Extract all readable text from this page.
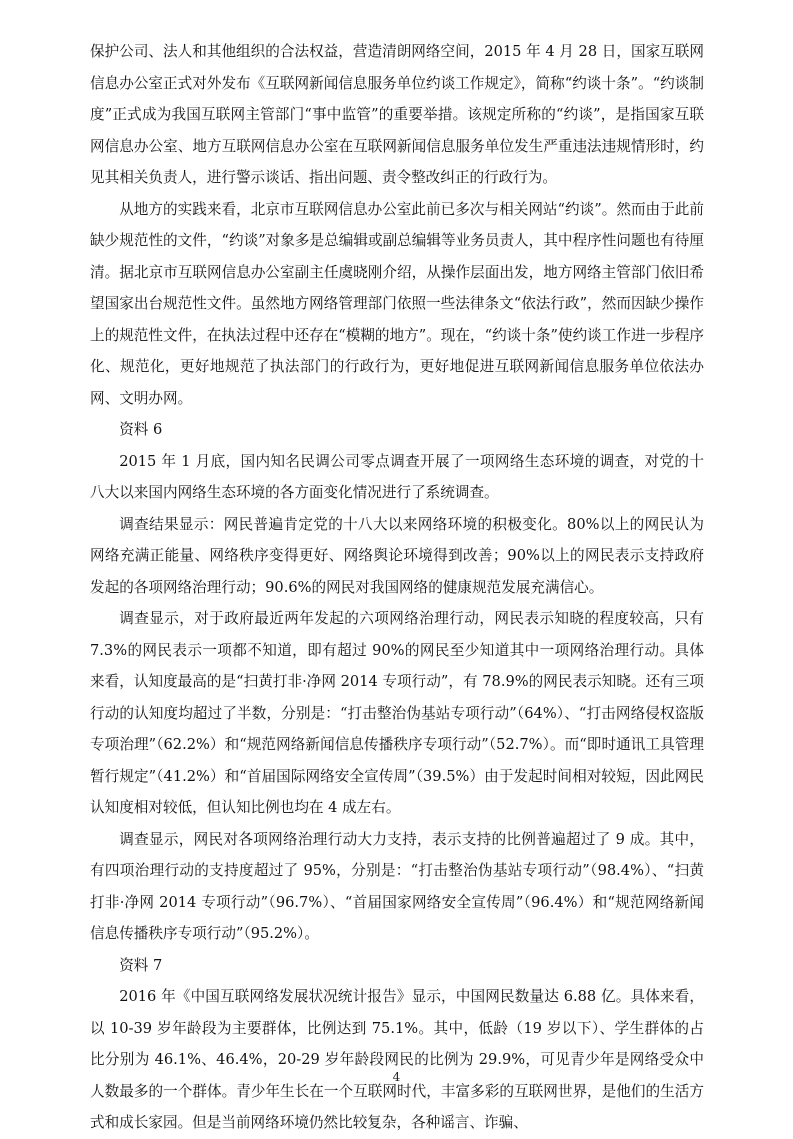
保护公司、法人和其他组织的合法权益，营造清朗网络空间，2015 年 4 月 28 日，国家互联网信息办公室正式对外发布《互联网新闻信息服务单位约谈工作规定》，简称“约谈十条”。“约谈制度”正式成为我国互联网主管部门“事中监管”的重要举措。该规定所称的“约谈”，是指国家互联网信息办公室、地方互联网信息办公室在互联网新闻信息服务单位发生严重违法违规情形时，约见其相关负责人，进行警示谈话、指出问题、责令整改纠正的行政行为。

从地方的实践来看，北京市互联网信息办公室此前已多次与相关网站“约谈”。然而由于此前缺少规范性的文件，“约谈”对象多是总编辑或副总编辑等业务员责人，其中程序性问题也有待厘清。据北京市互联网信息办公室副主任虞晓刚介绍，从操作层面出发，地方网络主管部门依旧希望国家出台规范性文件。虽然地方网络管理部门依照一些法律条文“依法行政”，然而因缺少操作上的规范性文件，在执法过程中还存在“模糊的地方”。现在，“约谈十条”使约谈工作进一步程序化、规范化，更好地规范了执法部门的行政行为，更好地促进互联网新闻信息服务单位依法办网、文明办网。

资料 6

2015 年 1 月底，国内知名民调公司零点调查开展了一项网络生态环境的调查，对党的十八大以来国内网络生态环境的各方面变化情况进行了系统调查。

调查结果显示：网民普遍肯定党的十八大以来网络环境的积极变化。80%以上的网民认为网络充满正能量、网络秩序变得更好、网络舆论环境得到改善；90%以上的网民表示支持政府发起的各项网络治理行动；90.6%的网民对我国网络的健康规范发展充满信心。

调查显示，对于政府最近两年发起的六项网络治理行动，网民表示知晓的程度较高，只有 7.3%的网民表示一项都不知道，即有超过 90%的网民至少知道其中一项网络治理行动。具体来看，认知度最高的是“扫黄打非·净网 2014 专项行动”，有 78.9%的网民表示知晓。还有三项行动的认知度均超过了半数，分别是：“打击整治伪基站专项行动”（64%）、“打击网络侵权盗版专项治理”（62.2%）和“规范网络新闻信息传播秩序专项行动”（52.7%）。而“即时通讯工具管理暂行规定”（41.2%）和“首届国际网络安全宣传周”（39.5%）由于发起时间相对较短，因此网民认知度相对较低，但认知比例也均在 4 成左右。

调查显示，网民对各项网络治理行动大力支持，表示支持的比例普遍超过了 9 成。其中，有四项治理行动的支持度超过了 95%，分别是：“打击整治伪基站专项行动”（98.4%）、“扫黄打非·净网 2014 专项行动”（96.7%）、“首届国家网络安全宣传周”（96.4%）和“规范网络新闻信息传播秩序专项行动”（95.2%）。

资料 7

2016 年《中国互联网络发展状况统计报告》显示，中国网民数量达 6.88 亿。具体来看，以 10-39 岁年龄段为主要群体，比例达到 75.1%。其中，低龄（19 岁以下）、学生群体的占比分别为 46.1%、46.4%，20-29 岁年龄段网民的比例为 29.9%，可见青少年是网络受众中人数最多的一个群体。青少年生长在一个互联网时代，丰富多彩的互联网世界，是他们的生活方式和成长家园。但是当前网络环境仍然比较复杂，各种谣言、诈骗、

4
